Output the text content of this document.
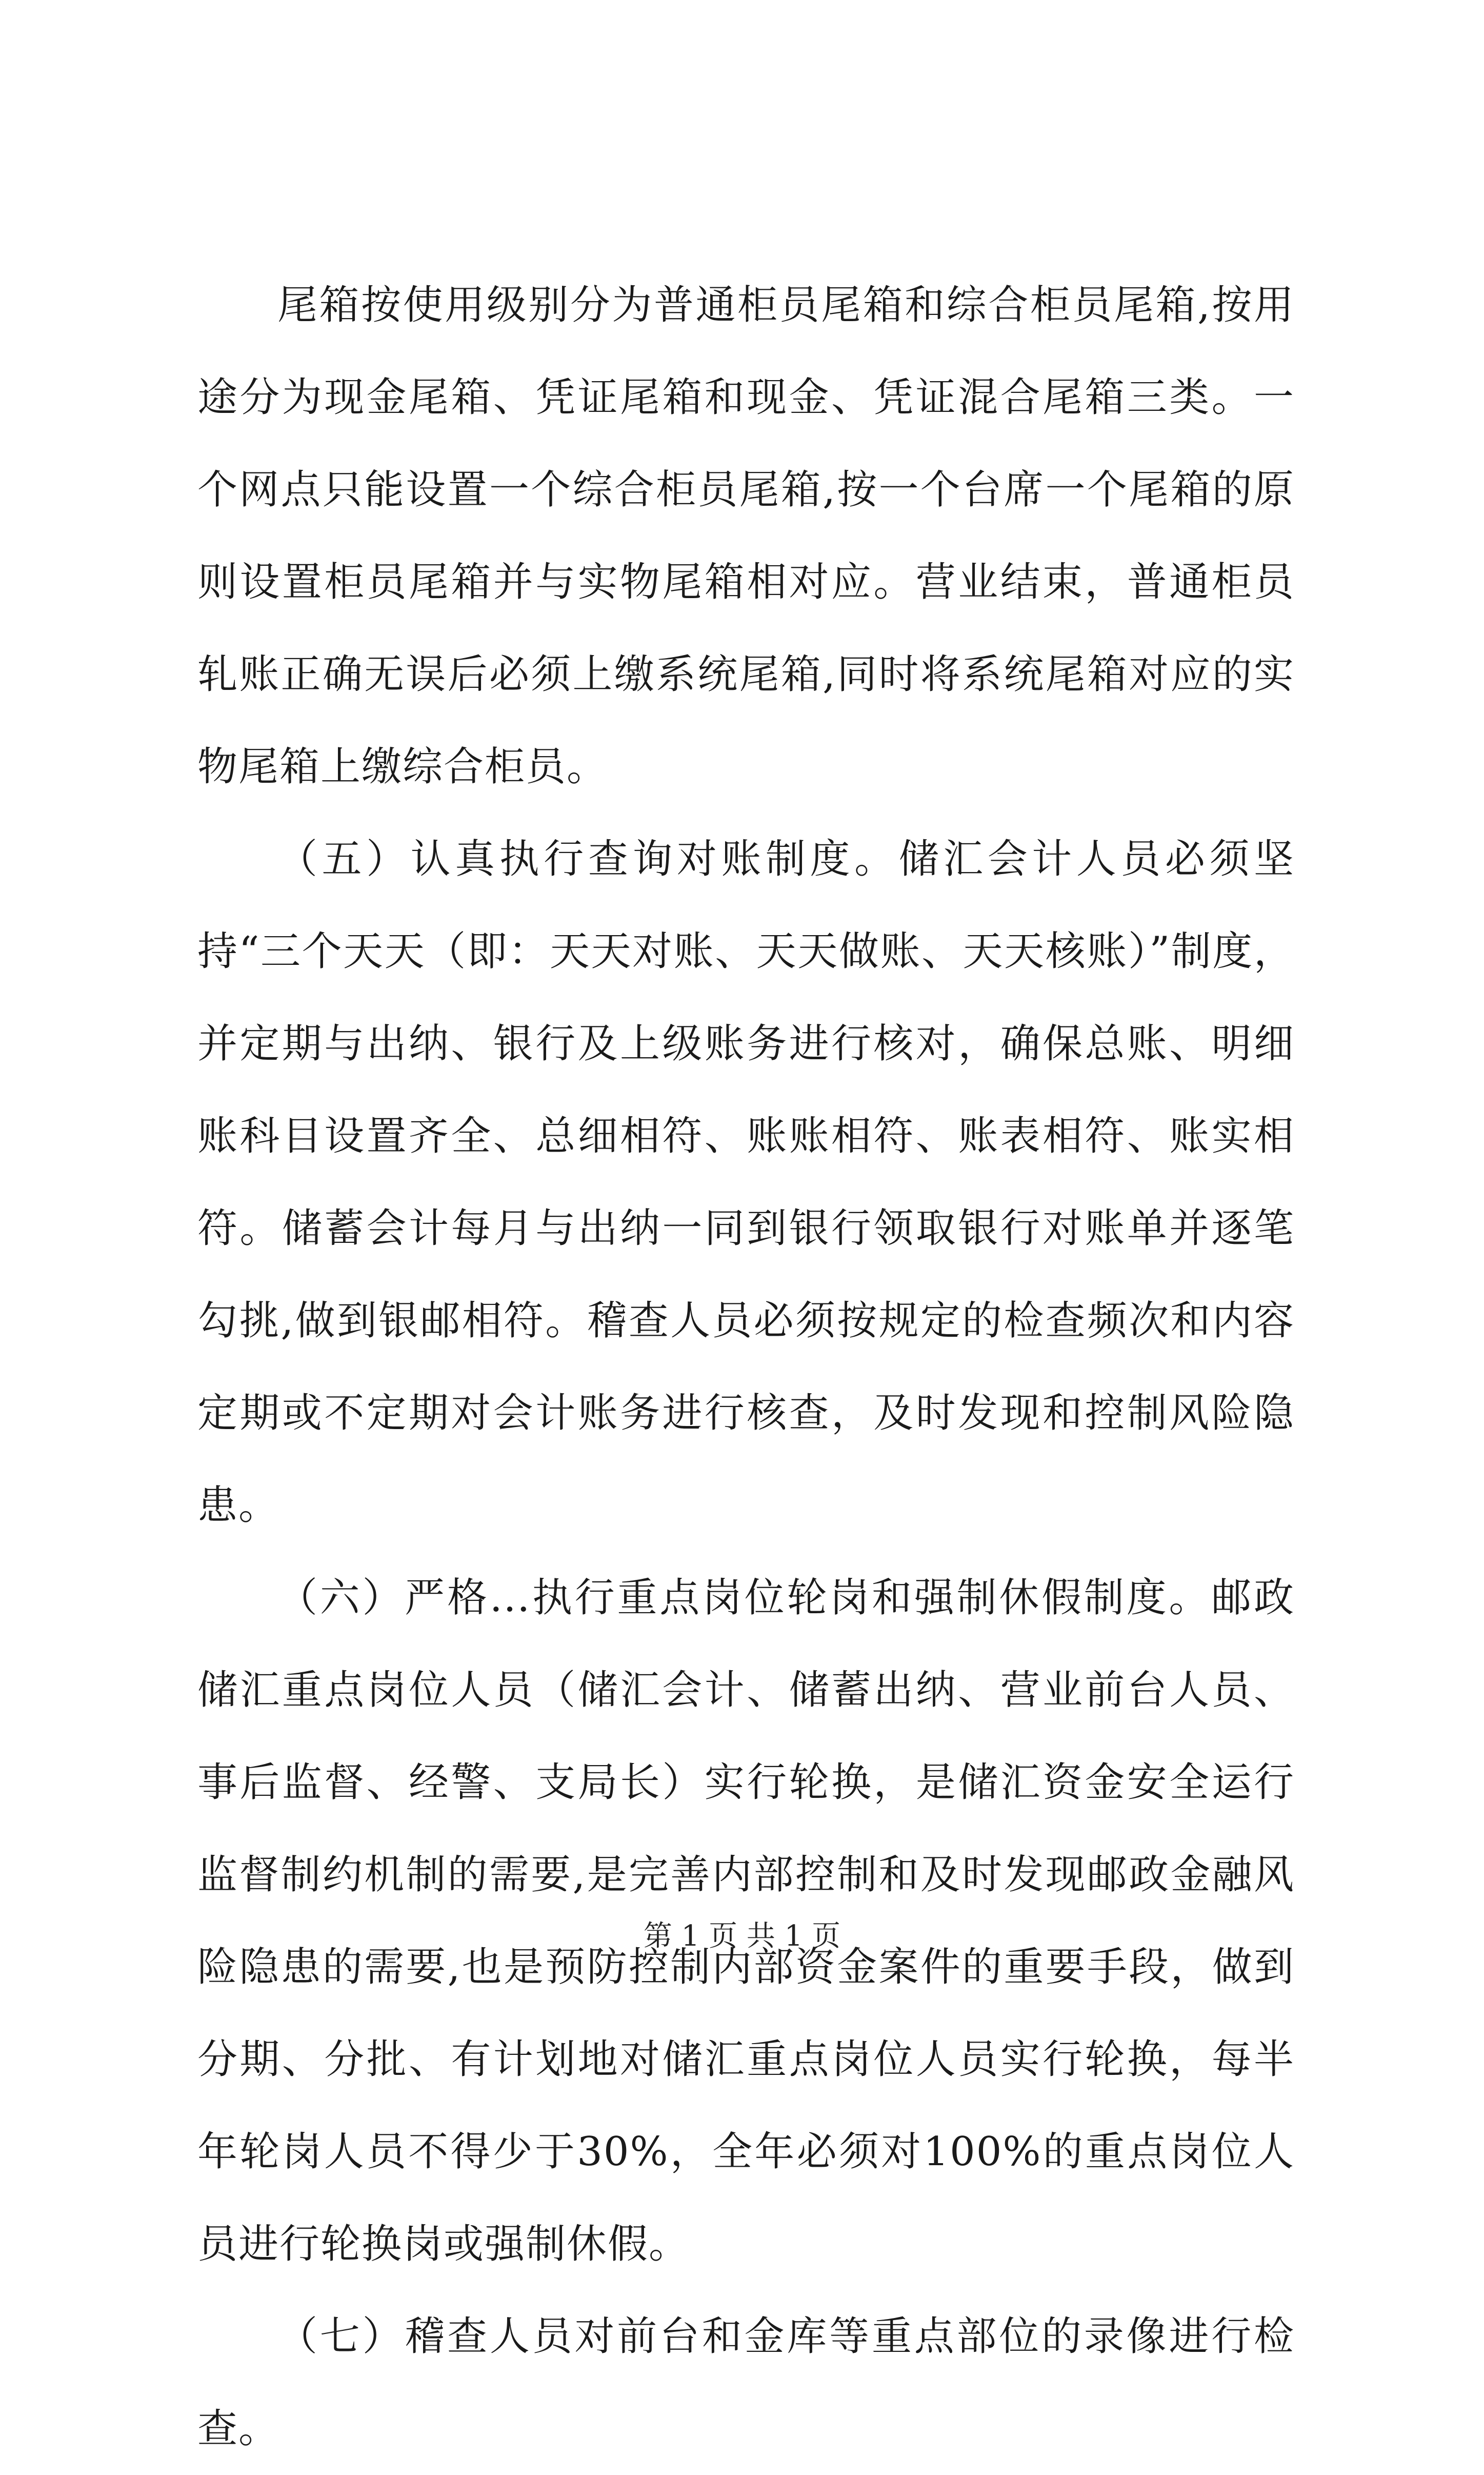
尾箱按使用级别分为普通柜员尾箱和综合柜员尾箱,按用途分为现金尾箱、凭证尾箱和现金、凭证混合尾箱三类。一个网点只能设置一个综合柜员尾箱,按一个台席一个尾箱的原则设置柜员尾箱并与实物尾箱相对应。营业结束，普通柜员轧账正确无误后必须上缴系统尾箱,同时将系统尾箱对应的实物尾箱上缴综合柜员。

（五）认真执行查询对账制度。储汇会计人员必须坚持“三个天天（即：天天对账、天天做账、天天核账）”制度，并定期与出纳、银行及上级账务进行核对，确保总账、明细账科目设置齐全、总细相符、账账相符、账表相符、账实相符。储蓄会计每月与出纳一同到银行领取银行对账单并逐笔勾挑,做到银邮相符。稽查人员必须按规定的检查频次和内容定期或不定期对会计账务进行核查，及时发现和控制风险隐患。

（六）严格...执行重点岗位轮岗和强制休假制度。邮政储汇重点岗位人员（储汇会计、储蓄出纳、营业前台人员、事后监督、经警、支局长）实行轮换，是储汇资金安全运行监督制约机制的需要,是完善内部控制和及时发现邮政金融风险隐患的需要,也是预防控制内部资金案件的重要手段，做到分期、分批、有计划地对储汇重点岗位人员实行轮换，每半年轮岗人员不得少于30%，全年必须对100%的重点岗位人员进行轮换岗或强制休假。

（七）稽查人员对前台和金库等重点部位的录像进行检查。

第 1 页 共 1 页
